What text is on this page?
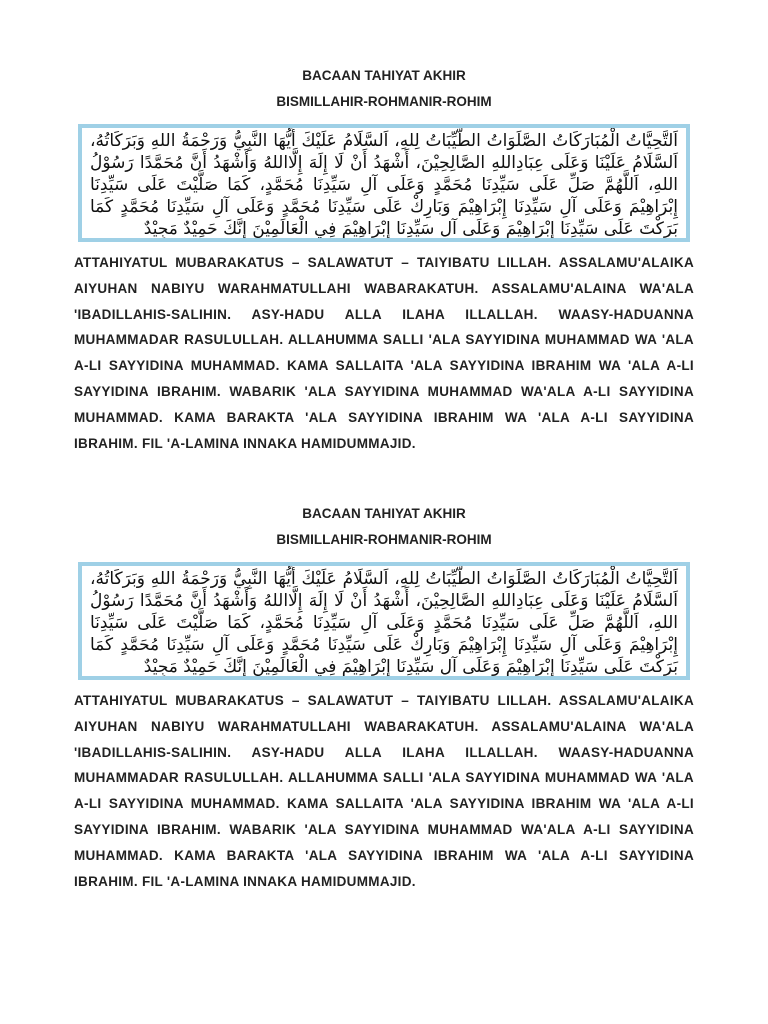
BACAAN TAHIYAT AKHIR
BISMILLAHIR-ROHMANIR-ROHIM
اَلتَّحِيَّاتُ الْمُبَارَكَاتُ الصَّلَوَاتُ الطَّيِّبَاتُ لِلهِ، اَلسَّلَامُ عَلَيْكَ أَيُّهَا النَّبِيُّ وَرَحْمَةُ اللهِ وَبَرَكَاتُهُ، اَلسَّلَامُ عَلَيْنَا وَعَلَى عِبَادِاللهِ الصَّالِحِيْنَ، أَشْهَدُ أَنْ لَا إِلَهَ إِلَّااللهُ وَأَشْهَدُ أَنَّ مُحَمَّدًا رَسُوْلُ اللهِ، اَللَّهُمَّ صَلِّ عَلَى سَيِّدِنَا مُحَمَّدٍ وَعَلَى آلِ سَيِّدِنَا مُحَمَّدٍ، كَمَا صَلَّيْتَ عَلَى سَيِّدِنَا إِبْرَاهِيْمَ وَعَلَى آلِ سَيِّدِنَا إِبْرَاهِيْمَ وَبَارِكْ عَلَى سَيِّدِنَا مُحَمَّدٍ وَعَلَى آلِ سَيِّدِنَا مُحَمَّدٍ كَمَا بَرَكْتَ عَلَى سَيِّدِنَا إِبْرَاهِيْمَ وَعَلَى آلِ سَيِّدِنَا إِبْرَاهِيْمَ فِي الْعَالَمِيْنَ إِنَّكَ حَمِيْدٌ مَجِيْدٌ
ATTAHIYATUL MUBARAKATUS – SALAWATUT – TAIYIBATU LILLAH. ASSALAMU'ALAIKA AIYUHAN NABIYU WARAHMATULLAHI WABARAKATUH. ASSALAMU'ALAINA WA'ALA 'IBADILLAHIS-SALIHIN. ASY-HADU ALLA ILAHA ILLALLAH. WAASY-HADUANNA MUHAMMADAR RASULULLAH. ALLAHUMMA SALLI 'ALA SAYYIDINA MUHAMMAD WA 'ALA A-LI SAYYIDINA MUHAMMAD. KAMA SALLAITA 'ALA SAYYIDINA IBRAHIM WA 'ALA A-LI SAYYIDINA IBRAHIM. WABARIK 'ALA SAYYIDINA MUHAMMAD WA'ALA A-LI SAYYIDINA MUHAMMAD. KAMA BARAKTA 'ALA SAYYIDINA IBRAHIM WA 'ALA A-LI SAYYIDINA IBRAHIM. FIL 'A-LAMINA INNAKA HAMIDUMMAJID.
BACAAN TAHIYAT AKHIR
BISMILLAHIR-ROHMANIR-ROHIM
اَلتَّحِيَّاتُ الْمُبَارَكَاتُ الصَّلَوَاتُ الطَّيِّبَاتُ لِلهِ، اَلسَّلَامُ عَلَيْكَ أَيُّهَا النَّبِيُّ وَرَحْمَةُ اللهِ وَبَرَكَاتُهُ، اَلسَّلَامُ عَلَيْنَا وَعَلَى عِبَادِاللهِ الصَّالِحِيْنَ، أَشْهَدُ أَنْ لَا إِلَهَ إِلَّااللهُ وَأَشْهَدُ أَنَّ مُحَمَّدًا رَسُوْلُ اللهِ، اَللَّهُمَّ صَلِّ عَلَى سَيِّدِنَا مُحَمَّدٍ وَعَلَى آلِ سَيِّدِنَا مُحَمَّدٍ، كَمَا صَلَّيْتَ عَلَى سَيِّدِنَا إِبْرَاهِيْمَ وَعَلَى آلِ سَيِّدِنَا إِبْرَاهِيْمَ وَبَارِكْ عَلَى سَيِّدِنَا مُحَمَّدٍ وَعَلَى آلِ سَيِّدِنَا مُحَمَّدٍ كَمَا بَرَكْتَ عَلَى سَيِّدِنَا إِبْرَاهِيْمَ وَعَلَى آلِ سَيِّدِنَا إِبْرَاهِيْمَ فِي الْعَالَمِيْنَ إِنَّكَ حَمِيْدٌ مَجِيْدٌ
ATTAHIYATUL MUBARAKATUS – SALAWATUT – TAIYIBATU LILLAH. ASSALAMU'ALAIKA AIYUHAN NABIYU WARAHMATULLAHI WABARAKATUH. ASSALAMU'ALAINA WA'ALA 'IBADILLAHIS-SALIHIN. ASY-HADU ALLA ILAHA ILLALLAH. WAASY-HADUANNA MUHAMMADAR RASULULLAH. ALLAHUMMA SALLI 'ALA SAYYIDINA MUHAMMAD WA 'ALA A-LI SAYYIDINA MUHAMMAD. KAMA SALLAITA 'ALA SAYYIDINA IBRAHIM WA 'ALA A-LI SAYYIDINA IBRAHIM. WABARIK 'ALA SAYYIDINA MUHAMMAD WA'ALA A-LI SAYYIDINA MUHAMMAD. KAMA BARAKTA 'ALA SAYYIDINA IBRAHIM WA 'ALA A-LI SAYYIDINA IBRAHIM. FIL 'A-LAMINA INNAKA HAMIDUMMAJID.
